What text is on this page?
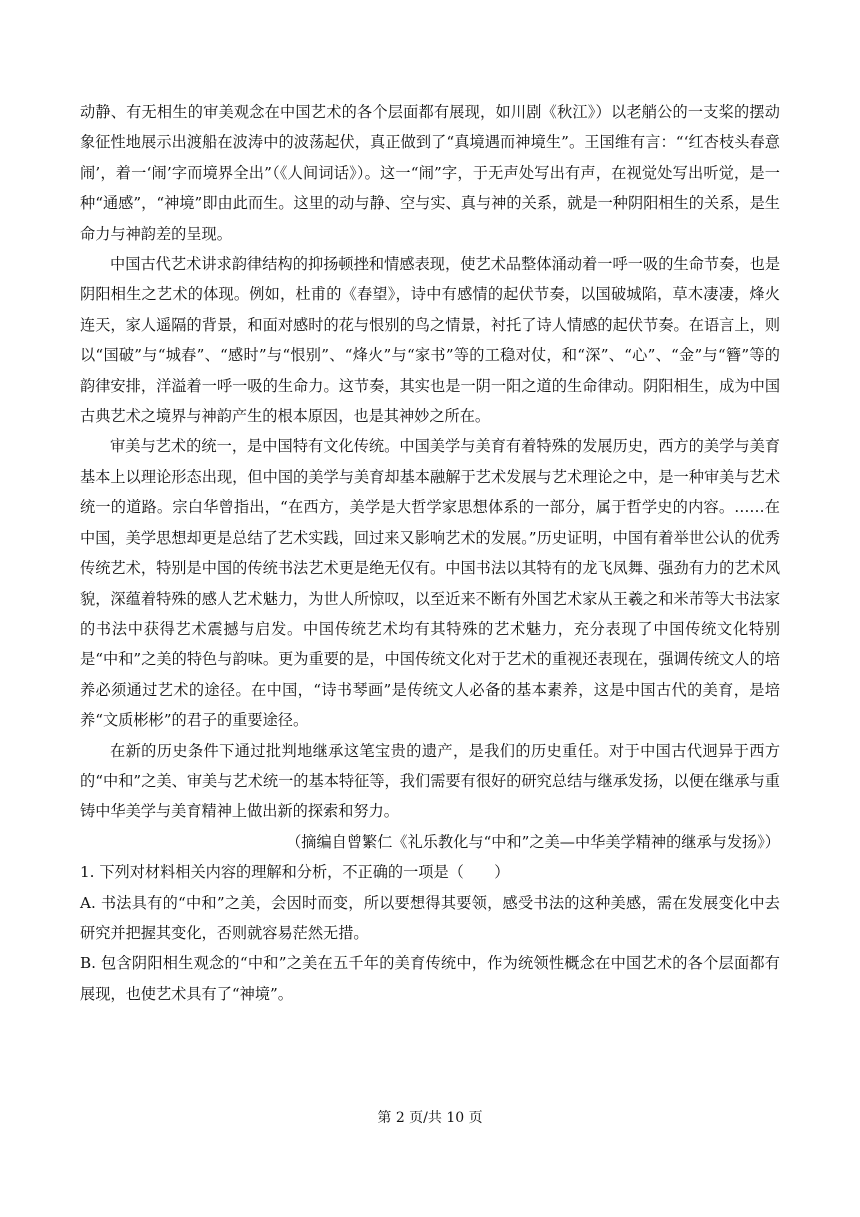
动静、有无相生的审美观念在中国艺术的各个层面都有展现，如川剧《秋江》）以老艄公的一支桨的摆动象征性地展示出渡船在波涛中的波荡起伏，真正做到了“真境遇而神境生”。王国维有言：“‘红杏枝头春意闹’，着一‘闹’字而境界全出”（《人间词话》）。这一“闹”字，于无声处写出有声，在视觉处写出听觉，是一种“通感”，“神境”即由此而生。这里的动与静、空与实、真与神的关系，就是一种阴阳相生的关系，是生命力与神韵差的呈现。

中国古代艺术讲求韵律结构的抑扬顿挫和情感表现，使艺术品整体涌动着一呼一吸的生命节奏，也是阴阳相生之艺术的体现。例如，杜甫的《春望》，诗中有感情的起伏节奏，以国破城陷，草木凄凄，烽火连天，家人遥隔的背景，和面对感时的花与恨别的鸟之情景，衬托了诗人情感的起伏节奏。在语言上，则以“国破”与“城春”、“感时”与“恨别”、“烽火”与“家书”等的工稳对仗，和“深”、“心”、“金”与“簪”等的韵律安排，洋溢着一呼一吸的生命力。这节奏，其实也是一阴一阳之道的生命律动。阴阳相生，成为中国古典艺术之境界与神韵产生的根本原因，也是其神妙之所在。

审美与艺术的统一，是中国特有文化传统。中国美学与美育有着特殊的发展历史，西方的美学与美育基本上以理论形态出现，但中国的美学与美育却基本融解于艺术发展与艺术理论之中，是一种审美与艺术统一的道路。宗白华曾指出，“在西方，美学是大哲学家思想体系的一部分，属于哲学史的内容。……在中国，美学思想却更是总结了艺术实践，回过来又影响艺术的发展。”历史证明，中国有着举世公认的优秀传统艺术，特别是中国的传统书法艺术更是绝无仅有。中国书法以其特有的龙飞凤舞、强劲有力的艺术风貌，深蕴着特殊的感人艺术魅力，为世人所惊叹，以至近来不断有外国艺术家从王羲之和米芾等大书法家的书法中获得艺术震撼与启发。中国传统艺术均有其特殊的艺术魅力，充分表现了中国传统文化特别是“中和”之美的特色与韵味。更为重要的是，中国传统文化对于艺术的重视还表现在，强调传统文人的培养必须通过艺术的途径。在中国，“诗书琴画”是传统文人必备的基本素养，这是中国古代的美育，是培养“文质彬彬”的君子的重要途径。

在新的历史条件下通过批判地继承这笔宝贵的遗产，是我们的历史重任。对于中国古代迥异于西方的“中和”之美、审美与艺术统一的基本特征等，我们需要有很好的研究总结与继承发扬，以便在继承与重铸中华美学与美育精神上做出新的探索和努力。

（摘编自曾繁仁《礼乐教化与“中和”之美—中华美学精神的继承与发扬》）

1. 下列对材料相关内容的理解和分析，不正确的一项是（　　）

A. 书法具有的“中和”之美，会因时而变，所以要想得其要领，感受书法的这种美感，需在发展变化中去研究并把握其变化，否则就容易茫然无措。

B. 包含阴阳相生观念的“中和”之美在五千年的美育传统中，作为统领性概念在中国艺术的各个层面都有展现，也使艺术具有了“神境”。

第 2 页/共 10 页
